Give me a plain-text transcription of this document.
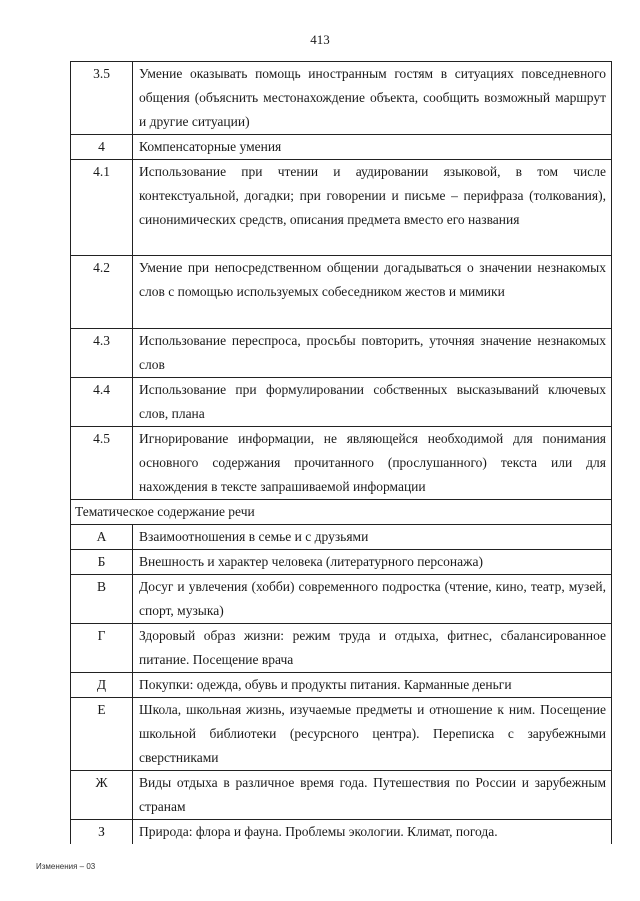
413
3.5	Умение оказывать помощь иностранным гостям в ситуациях повседневного общения (объяснить местонахождение объекта, сообщить возможный маршрут и другие ситуации)
4	Компенсаторные умения
4.1	Использование при чтении и аудировании языковой, в том числе контекстуальной, догадки; при говорении и письме – перифраза (толкования), синонимических средств, описания предмета вместо его названия
4.2	Умение при непосредственном общении догадываться о значении незнакомых слов с помощью используемых собеседником жестов и мимики
4.3	Использование переспроса, просьбы повторить, уточняя значение незнакомых слов
4.4	Использование при формулировании собственных высказываний ключевых слов, плана
4.5	Игнорирование информации, не являющейся необходимой для понимания основного содержания прочитанного (прослушанного) текста или для нахождения в тексте запрашиваемой информации
Тематическое содержание речи	
А	Взаимоотношения в семье и с друзьями
Б	Внешность и характер человека (литературного персонажа)
В	Досуг и увлечения (хобби) современного подростка (чтение, кино, театр, музей, спорт, музыка)
Г	Здоровый образ жизни: режим труда и отдыха, фитнес, сбалансированное питание. Посещение врача
Д	Покупки: одежда, обувь и продукты питания. Карманные деньги
Е	Школа, школьная жизнь, изучаемые предметы и отношение к ним. Посещение школьной библиотеки (ресурсного центра). Переписка с зарубежными сверстниками
Ж	Виды отдыха в различное время года. Путешествия по России и зарубежным странам
З	Природа: флора и фауна. Проблемы экологии. Климат, погода.
Изменения – 03
